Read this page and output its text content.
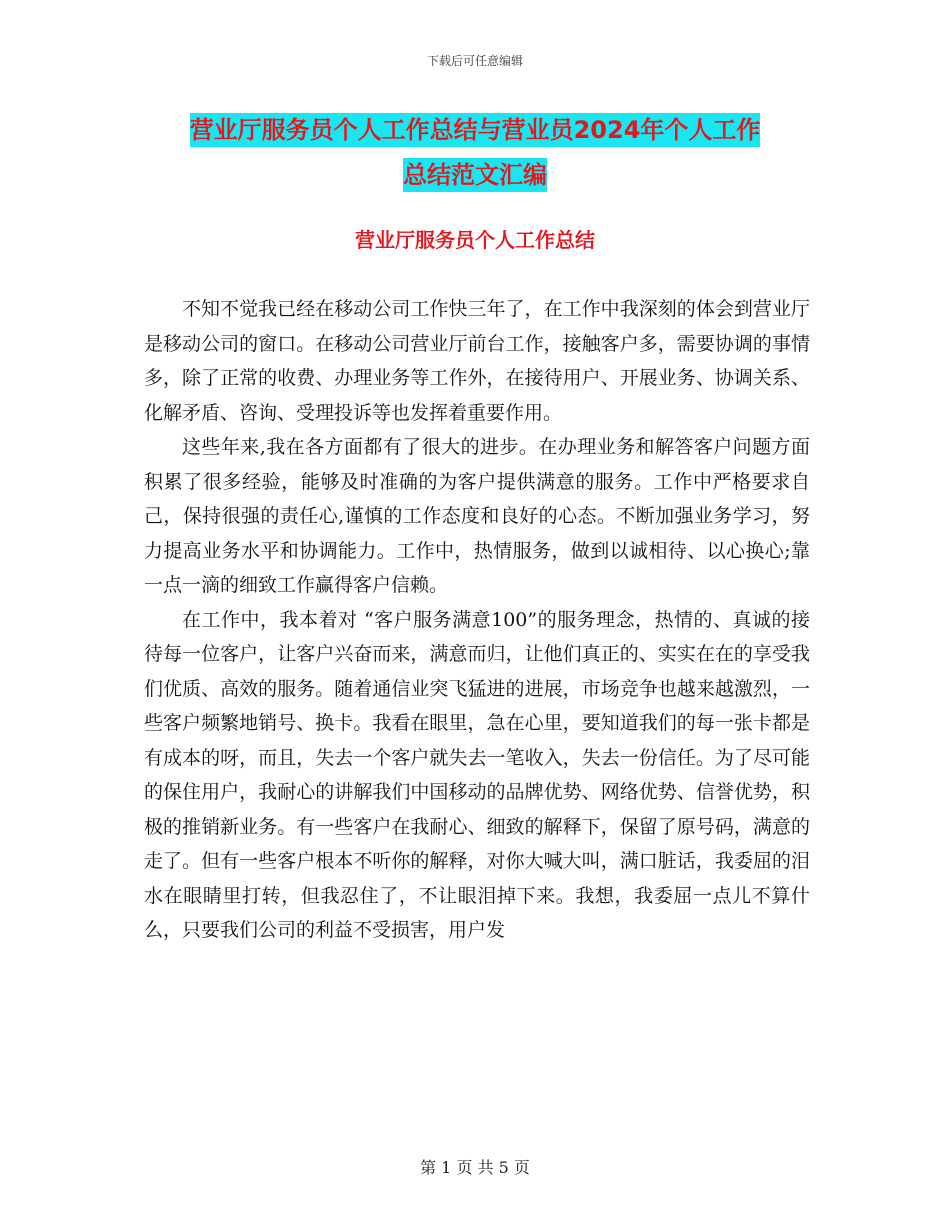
下载后可任意编辑
营业厅服务员个人工作总结与营业员2024年个人工作
总结范文汇编
营业厅服务员个人工作总结

不知不觉我已经在移动公司工作快三年了，在工作中我深刻的体会到营业厅是移动公司的窗口。在移动公司营业厅前台工作，接触客户多，需要协调的事情多，除了正常的收费、办理业务等工作外，在接待用户、开展业务、协调关系、化解矛盾、咨询、受理投诉等也发挥着重要作用。

这些年来,我在各方面都有了很大的进步。在办理业务和解答客户问题方面积累了很多经验，能够及时准确的为客户提供满意的服务。工作中严格要求自己，保持很强的责任心,谨慎的工作态度和良好的心态。不断加强业务学习，努力提高业务水平和协调能力。工作中，热情服务，做到以诚相待、以心换心;靠一点一滴的细致工作赢得客户信赖。

在工作中，我本着对 “客户服务满意100”的服务理念，热情的、真诚的接待每一位客户，让客户兴奋而来，满意而归，让他们真正的、实实在在的享受我们优质、高效的服务。随着通信业突飞猛进的进展，市场竞争也越来越激烈，一些客户频繁地销号、换卡。我看在眼里，急在心里，要知道我们的每一张卡都是有成本的呀，而且，失去一个客户就失去一笔收入，失去一份信任。为了尽可能的保住用户，我耐心的讲解我们中国移动的品牌优势、网络优势、信誉优势，积极的推销新业务。有一些客户在我耐心、细致的解释下，保留了原号码，满意的走了。但有一些客户根本不听你的解释，对你大喊大叫，满口脏话，我委屈的泪水在眼睛里打转，但我忍住了，不让眼泪掉下来。我想，我委屈一点儿不算什么，只要我们公司的利益不受损害，用户发

第 1 页 共 5 页
